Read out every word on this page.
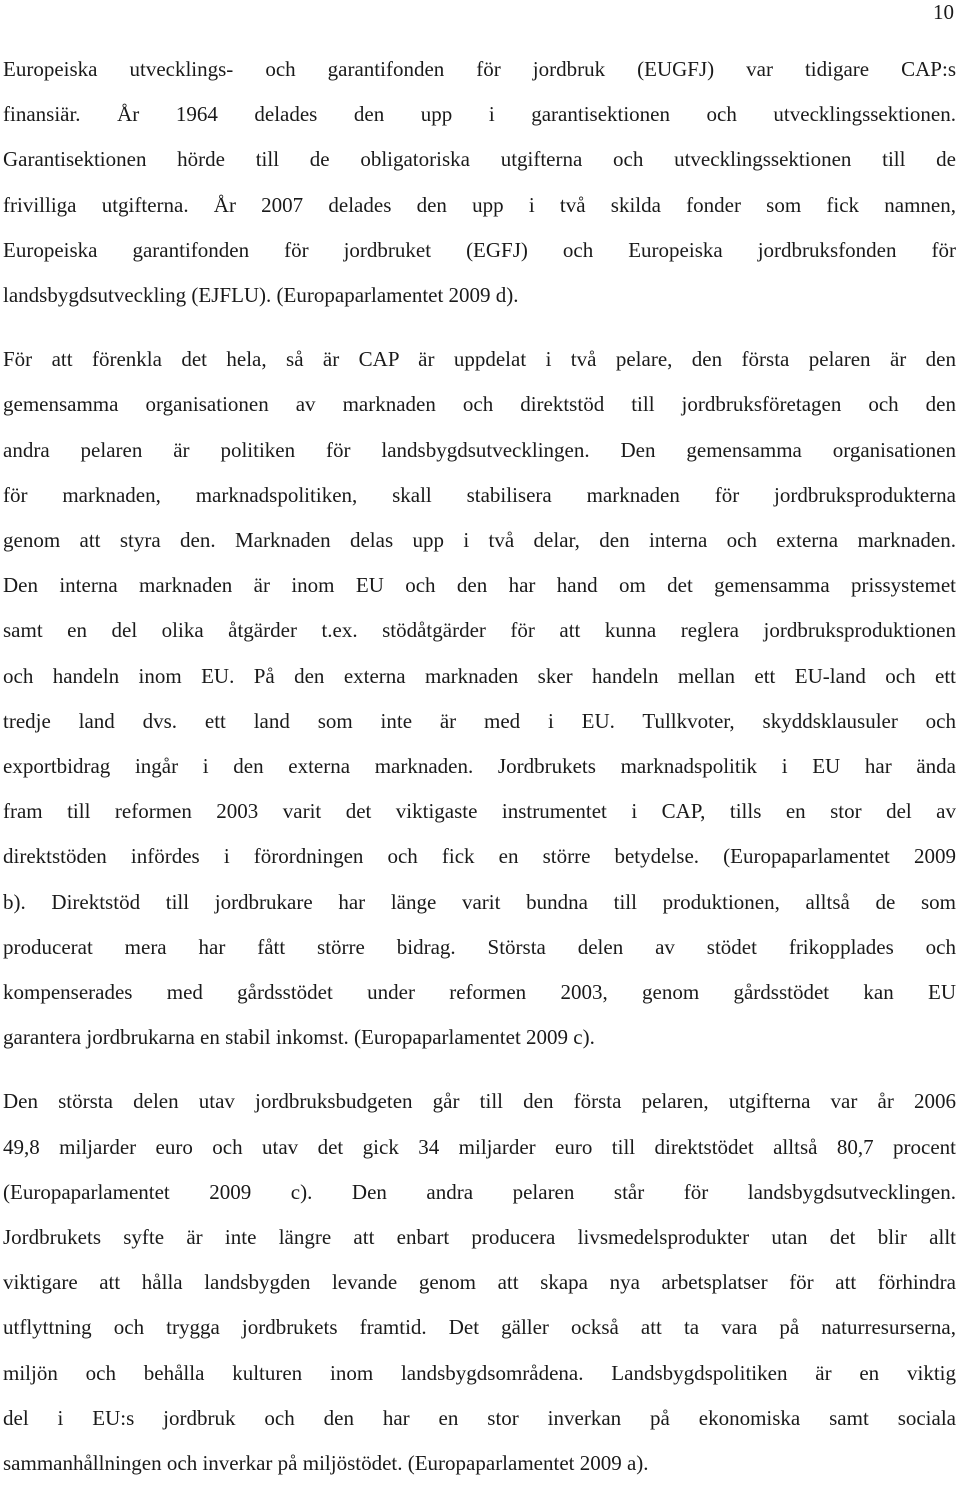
10

Europeiska utvecklings- och garantifonden för jordbruk (EUGFJ) var tidigare CAP:s
finansiär. År 1964 delades den upp i garantisektionen och utvecklingssektionen.
Garantisektionen hörde till de obligatoriska utgifterna och utvecklingssektionen till de
frivilliga utgifterna. År 2007 delades den upp i två skilda fonder som fick namnen,
Europeiska garantifonden för jordbruket (EGFJ) och Europeiska jordbruksfonden för
landsbygdsutveckling (EJFLU). (Europaparlamentet 2009 d).

För att förenkla det hela, så är CAP är uppdelat i två pelare, den första pelaren är den
gemensamma organisationen av marknaden och direktstöd till jordbruksföretagen och den
andra pelaren är politiken för landsbygdsutvecklingen. Den gemensamma organisationen
för marknaden, marknadspolitiken, skall stabilisera marknaden för jordbruksprodukterna
genom att styra den. Marknaden delas upp i två delar, den interna och externa marknaden.
Den interna marknaden är inom EU och den har hand om det gemensamma prissystemet
samt en del olika åtgärder t.ex. stödåtgärder för att kunna reglera jordbruksproduktionen
och handeln inom EU. På den externa marknaden sker handeln mellan ett EU-land och ett
tredje land dvs. ett land som inte är med i EU. Tullkvoter, skyddsklausuler och
exportbidrag ingår i den externa marknaden. Jordbrukets marknadspolitik i EU har ända
fram till reformen 2003 varit det viktigaste instrumentet i CAP, tills en stor del av
direktstöden infördes i förordningen och fick en större betydelse. (Europaparlamentet 2009
b). Direktstöd till jordbrukare har länge varit bundna till produktionen, alltså de som
producerat mera har fått större bidrag. Största delen av stödet frikopplades och
kompenserades med gårdsstödet under reformen 2003, genom gårdsstödet kan EU
garantera jordbrukarna en stabil inkomst. (Europaparlamentet 2009 c).

Den största delen utav jordbruksbudgeten går till den första pelaren, utgifterna var år 2006
49,8 miljarder euro och utav det gick 34 miljarder euro till direktstödet alltså 80,7 procent
(Europaparlamentet 2009 c). Den andra pelaren står för landsbygdsutvecklingen.
Jordbrukets syfte är inte längre att enbart producera livsmedelsprodukter utan det blir allt
viktigare att hålla landsbygden levande genom att skapa nya arbetsplatser för att förhindra
utflyttning och trygga jordbrukets framtid. Det gäller också att ta vara på naturresurserna,
miljön och behålla kulturen inom landsbygdsområdena. Landsbygdspolitiken är en viktig
del i EU:s jordbruk och den har en stor inverkan på ekonomiska samt sociala
sammanhållningen och inverkar på miljöstödet. (Europaparlamentet 2009 a).
